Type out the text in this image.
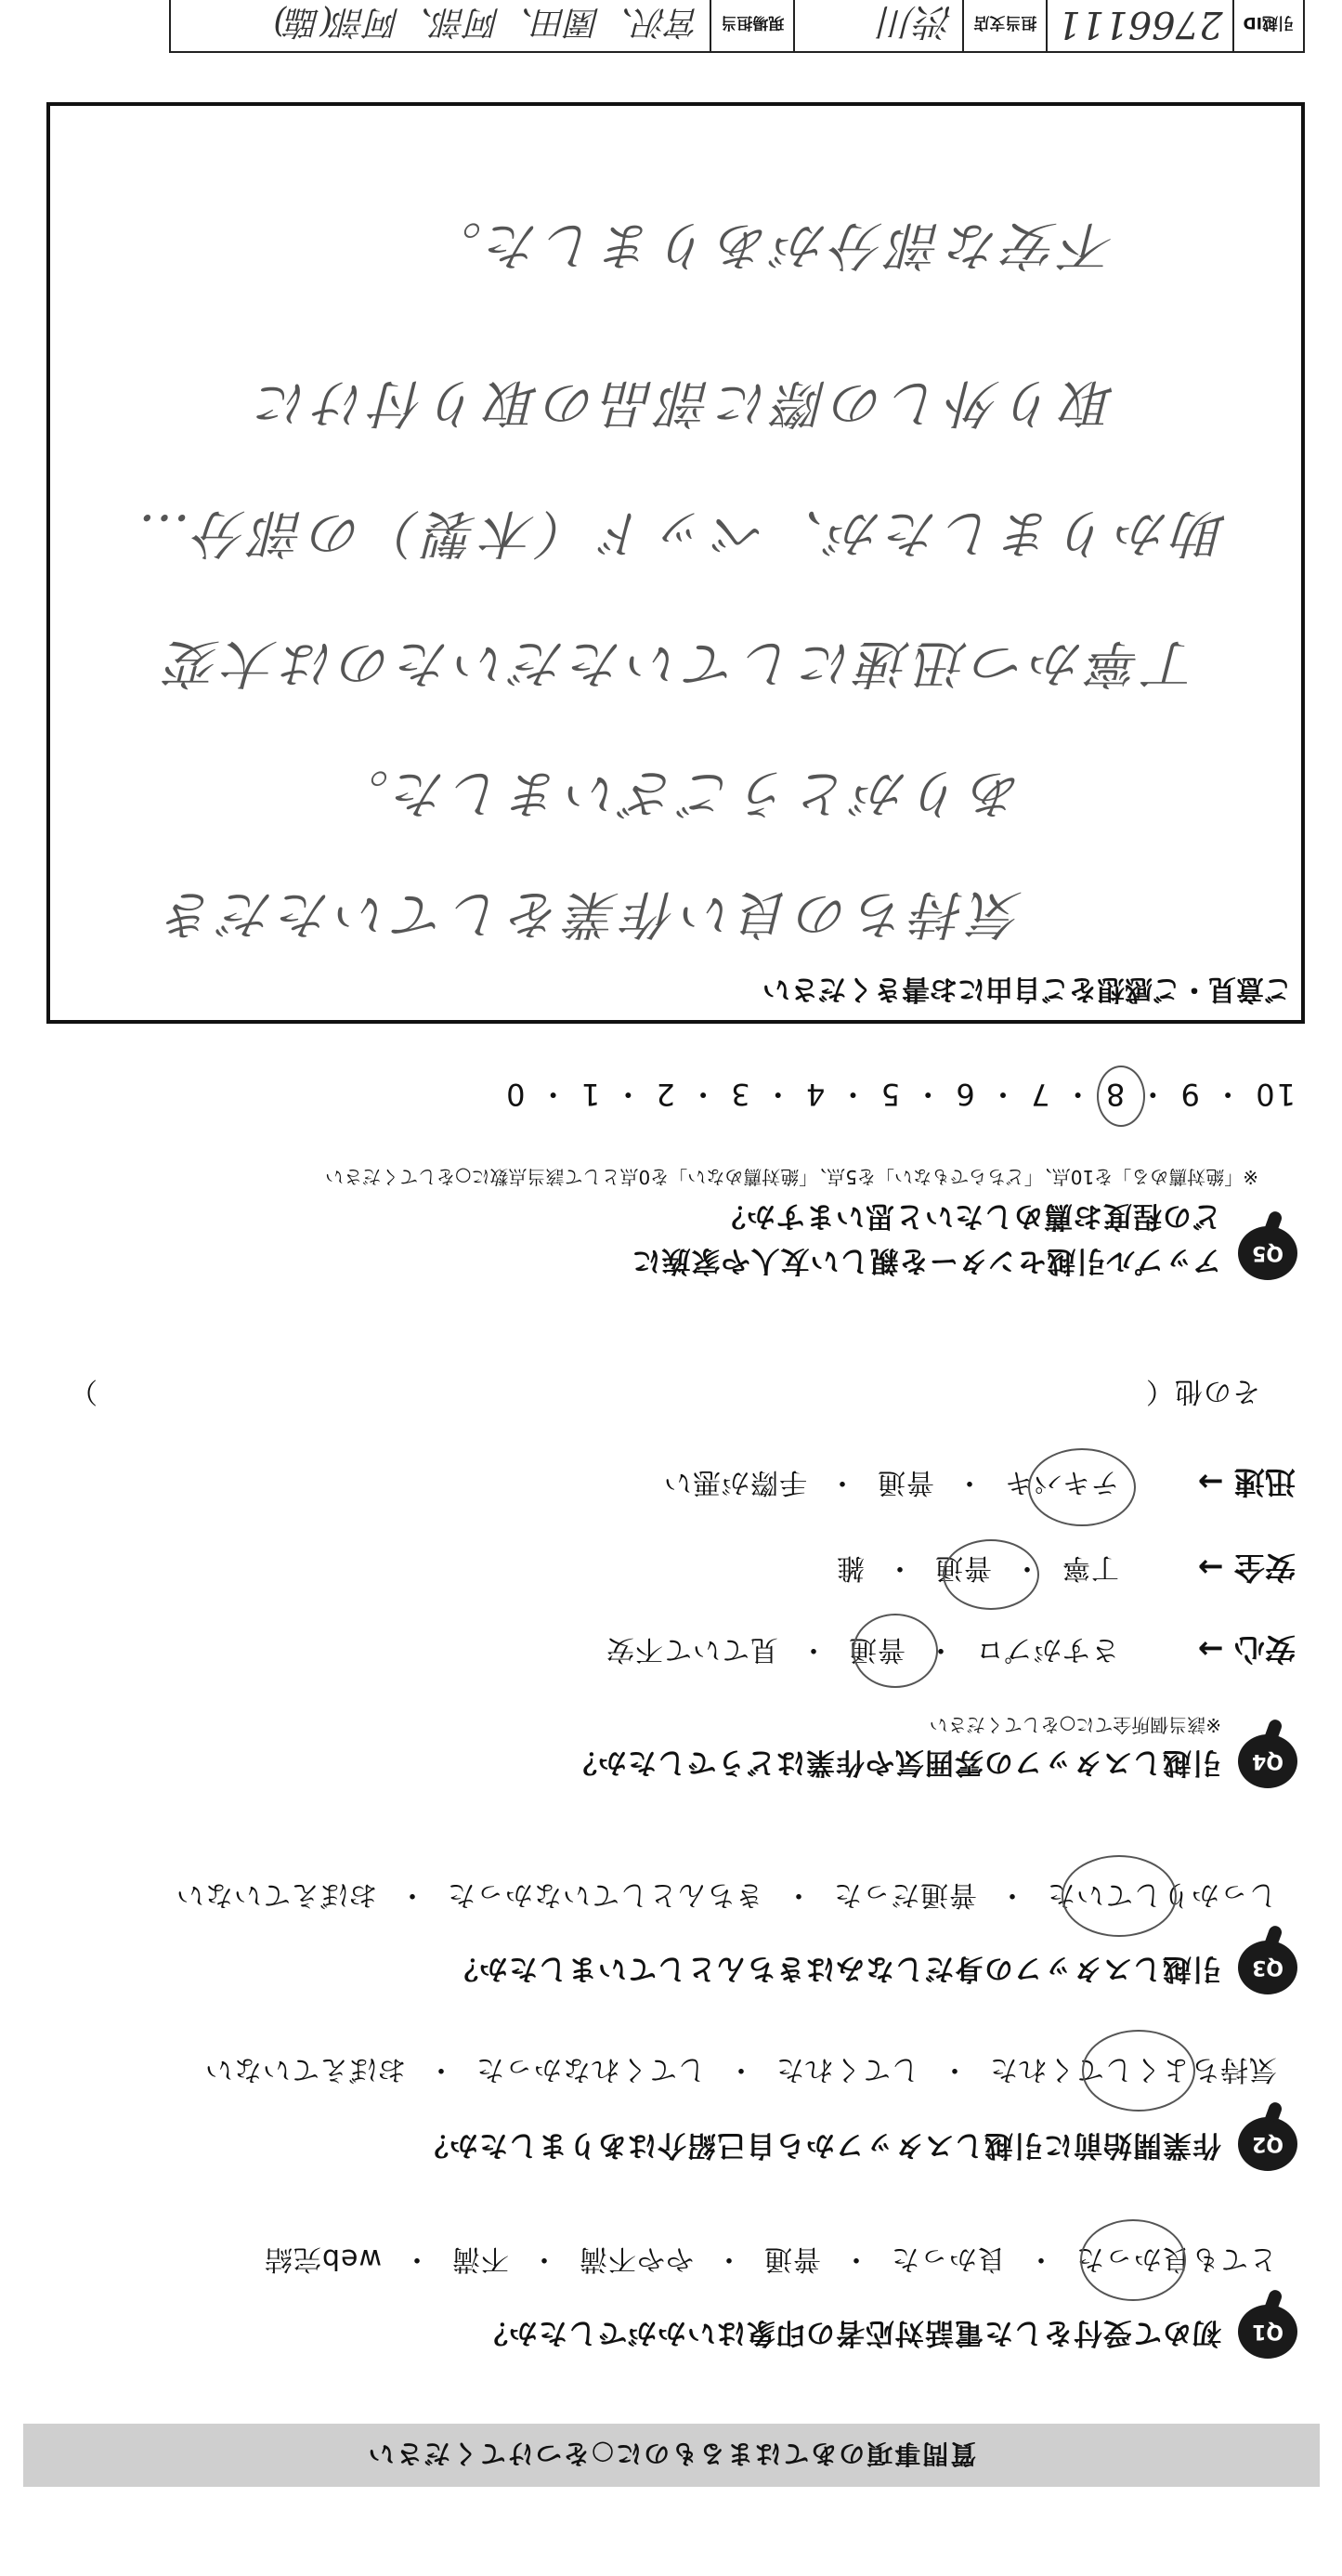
引越ID	2766111	担当支店	渋川	現場担当	宮沢、園田、阿部、阿部(臨)
ご意見・ご感想をご自由にお書きください
気持ちの良い作業をしていただき
ありがとうございました。
丁寧かつ迅速にしていただいたのは大変
助かりましたが、ベッド（木製）の部分…
取り外しの際に部品の取り付けに
不安な部分がありました。
10 ・ 9 ・ 8 ・ 7 ・ 6 ・ 5 ・ 4 ・ 3 ・ 2 ・ 1 ・ 0
※「絶対薦める」を10点、「どちらでもない」を5点、「絶対薦めない」を0点として該当点数に○をしてください
どの程度お薦めしたいと思いますか？
アップル引越センターを親しい友人や家族に	Q5
その他（
）
迅速 →
テキパキ・普通・手際が悪い
安全 →
丁寧・普通・雑
安心 →
さすがプロ・普通・見ていて不安
※該当個所全てに○をしてください
引越しスタッフの雰囲気や作業はどうでしたか？	Q4
しっかりしていた・普通だった・きちんとしていなかった・おぼえていない
引越しスタッフの身だしなみはきちんとしていましたか？	Q3
気持ちよくしてくれた・してくれた・してくれなかった・おぼえていない
作業開始前に引越しスタッフから自己紹介はありましたか？	Q2
とても良かった・良かった・普通・やや不満・不満・web完結
初めて受付をした電話対応者の印象はいかがでしたか？	Q1
質問事項のあてはまるものに○をつけてください
